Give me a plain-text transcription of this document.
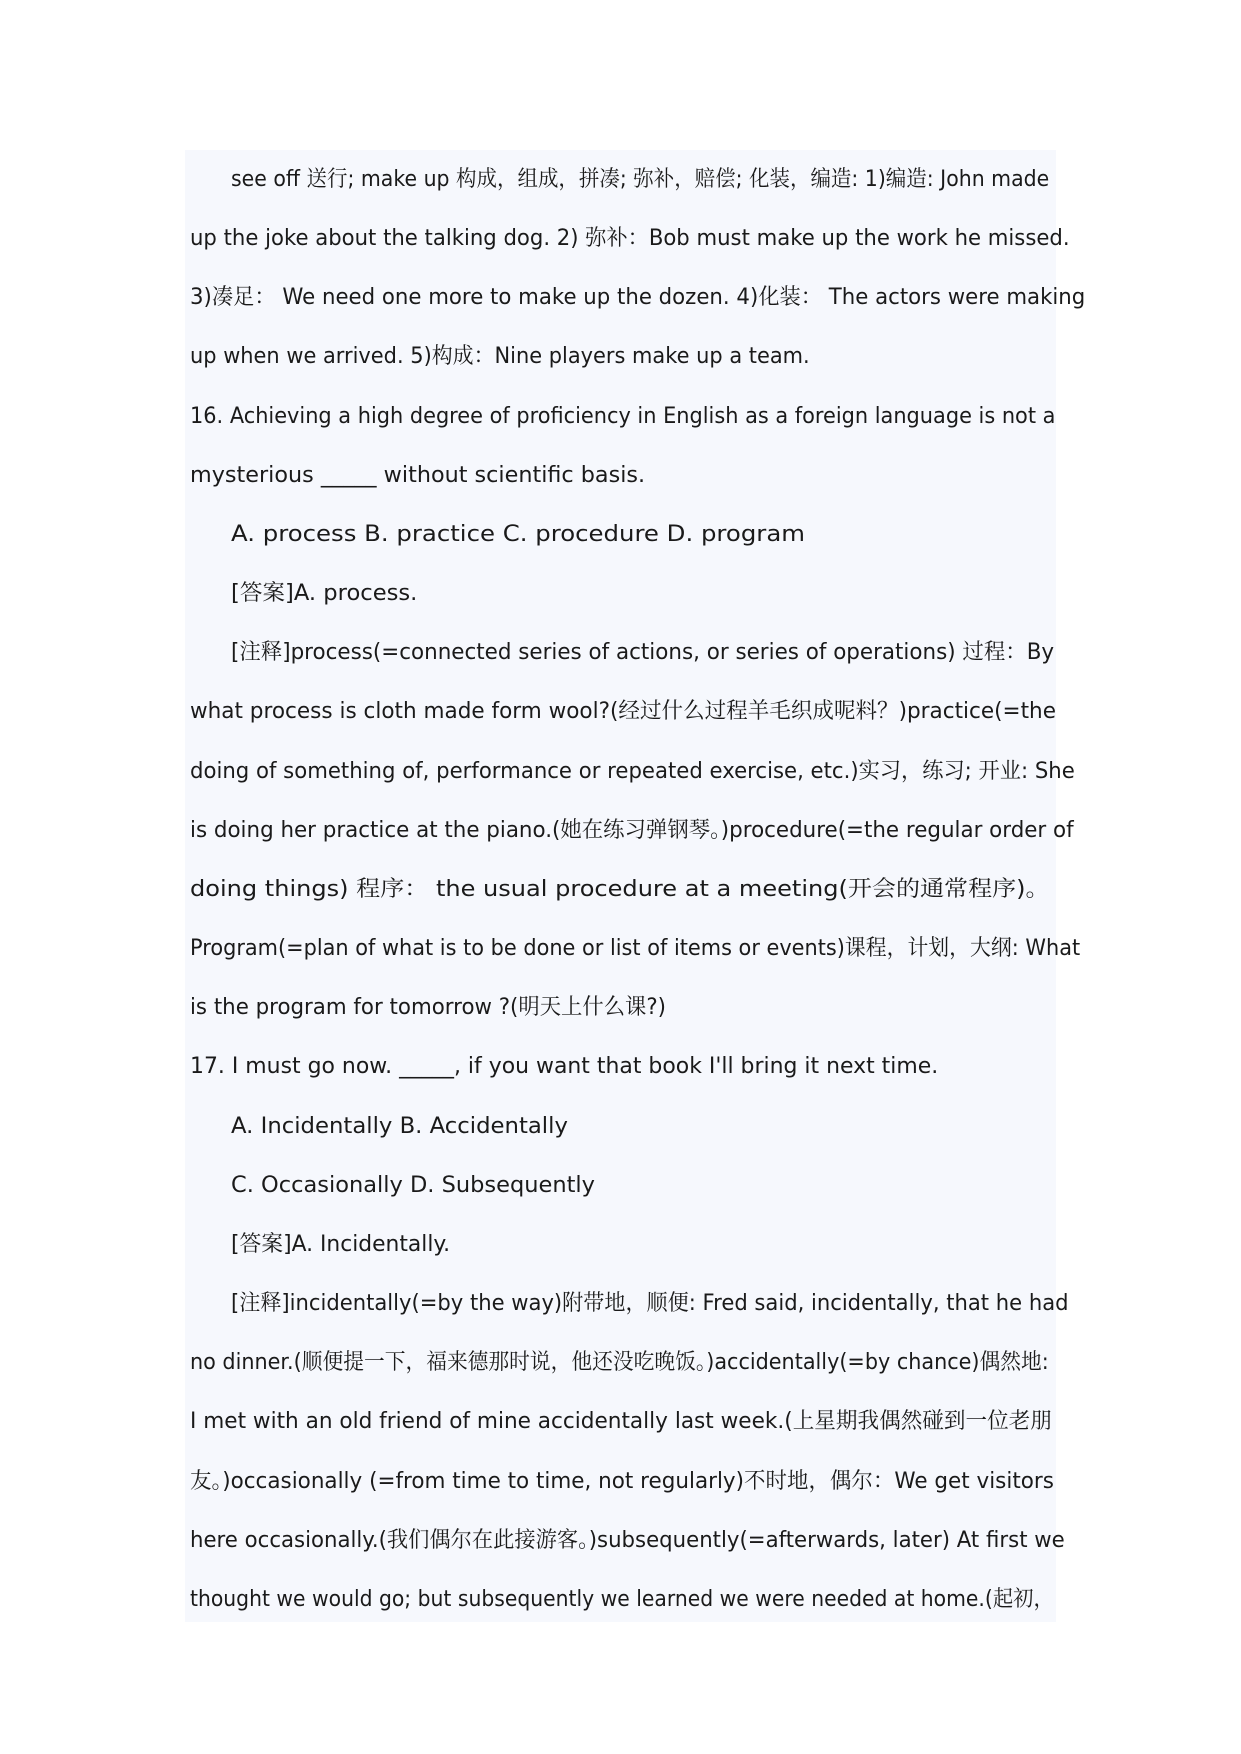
see off 送行; make up 构成，组成，拼凑; 弥补，赔偿; 化装，编造: 1)编造: John made
up the joke about the talking dog. 2) 弥补：Bob must make up the work he missed.
3)凑足： We need one more to make up the dozen. 4)化装： The actors were making
up when we arrived. 5)构成：Nine players make up a team.
16. Achieving a high degree of proficiency in English as a foreign language is not a
mysterious _____ without scientific basis.
A. process B. practice C. procedure D. program
[答案]A. process.
[注释]process(=connected series of actions, or series of operations) 过程：By
what process is cloth made form wool?(经过什么过程羊毛织成呢料？)practice(=the
doing of something of, performance or repeated exercise, etc.)实习，练习; 开业: She
is doing her practice at the piano.(她在练习弹钢琴。)procedure(=the regular order of
doing things) 程序： the usual procedure at a meeting(开会的通常程序)。
Program(=plan of what is to be done or list of items or events)课程，计划，大纲: What
is the program for tomorrow ?(明天上什么课?)
17. I must go now. _____, if you want that book I'll bring it next time.
A. Incidentally B. Accidentally
C. Occasionally D. Subsequently
[答案]A. Incidentally.
[注释]incidentally(=by the way)附带地，顺便: Fred said, incidentally, that he had
no dinner.(顺便提一下，福来德那时说，他还没吃晚饭。)accidentally(=by chance)偶然地:
I met with an old friend of mine accidentally last week.(上星期我偶然碰到一位老朋
友。)occasionally (=from time to time, not regularly)不时地，偶尔：We get visitors
here occasionally.(我们偶尔在此接游客。)subsequently(=afterwards, later) At first we
thought we would go; but subsequently we learned we were needed at home.(起初，
